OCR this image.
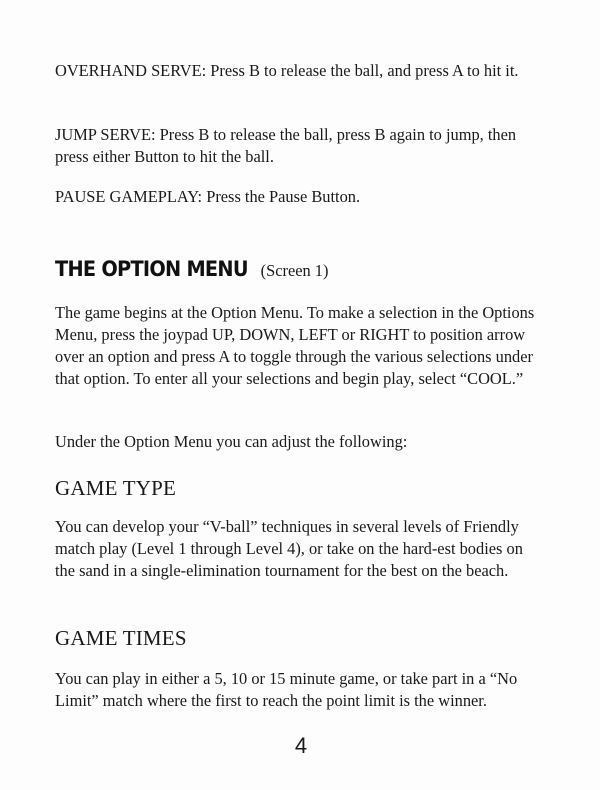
OVERHAND SERVE: Press B to release the ball, and press A to hit it.

JUMP SERVE: Press B to release the ball, press B again to jump, then press either Button to hit the ball.

PAUSE GAMEPLAY: Press the Pause Button.

THE OPTION MENU (Screen 1)

The game begins at the Option Menu. To make a selection in the Options Menu, press the joypad UP, DOWN, LEFT or RIGHT to position arrow over an option and press A to toggle through the various selections under that option. To enter all your selections and begin play, select “COOL.”

Under the Option Menu you can adjust the following:

GAME TYPE

You can develop your “V-ball” techniques in several levels of Friendly match play (Level 1 through Level 4), or take on the hard-est bodies on the sand in a single-elimination tournament for the best on the beach.

GAME TIMES

You can play in either a 5, 10 or 15 minute game, or take part in a “No Limit” match where the first to reach the point limit is the winner.

4
